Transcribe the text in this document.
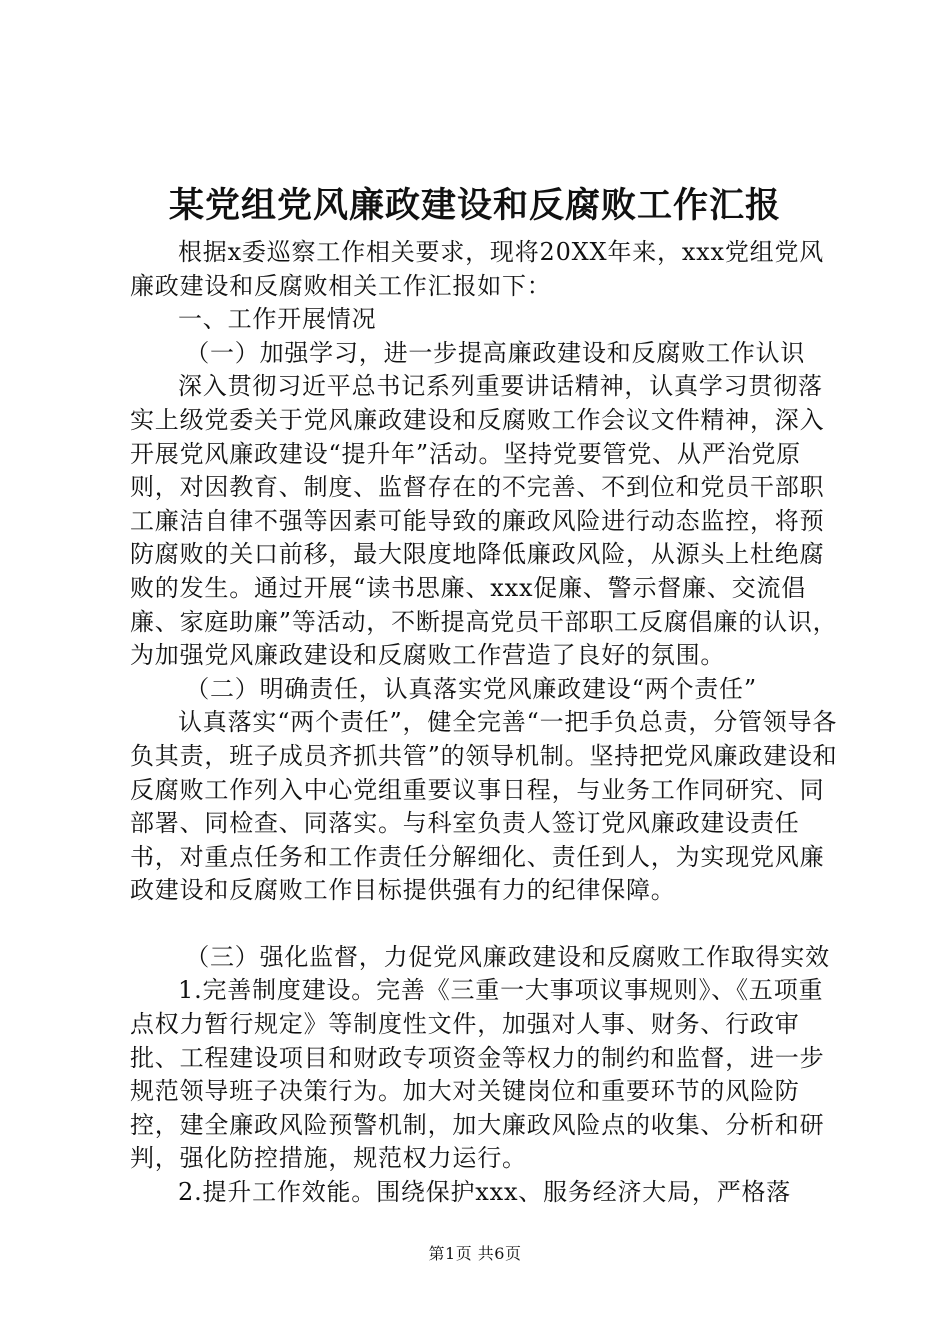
某党组党风廉政建设和反腐败工作汇报

根据x委巡察工作相关要求，现将20XX年来，xxx党组党风廉政建设和反腐败相关工作汇报如下：

一、工作开展情况

（一）加强学习，进一步提高廉政建设和反腐败工作认识

深入贯彻习近平总书记系列重要讲话精神，认真学习贯彻落实上级党委关于党风廉政建设和反腐败工作会议文件精神，深入开展党风廉政建设“提升年”活动。坚持党要管党、从严治党原则，对因教育、制度、监督存在的不完善、不到位和党员干部职工廉洁自律不强等因素可能导致的廉政风险进行动态监控，将预防腐败的关口前移，最大限度地降低廉政风险，从源头上杜绝腐败的发生。通过开展“读书思廉、xxx促廉、警示督廉、交流倡廉、家庭助廉”等活动，不断提高党员干部职工反腐倡廉的认识，为加强党风廉政建设和反腐败工作营造了良好的氛围。

（二）明确责任，认真落实党风廉政建设“两个责任”

认真落实“两个责任”，健全完善“一把手负总责，分管领导各负其责，班子成员齐抓共管”的领导机制。坚持把党风廉政建设和反腐败工作列入中心党组重要议事日程，与业务工作同研究、同部署、同检查、同落实。与科室负责人签订党风廉政建设责任书，对重点任务和工作责任分解细化、责任到人，为实现党风廉政建设和反腐败工作目标提供强有力的纪律保障。

（三）强化监督，力促党风廉政建设和反腐败工作取得实效

1.完善制度建设。完善《三重一大事项议事规则》、《五项重点权力暂行规定》等制度性文件，加强对人事、财务、行政审批、工程建设项目和财政专项资金等权力的制约和监督，进一步规范领导班子决策行为。加大对关键岗位和重要环节的风险防控，建全廉政风险预警机制，加大廉政风险点的收集、分析和研判，强化防控措施，规范权力运行。

2.提升工作效能。围绕保护xxx、服务经济大局，严格落

第1页 共6页
